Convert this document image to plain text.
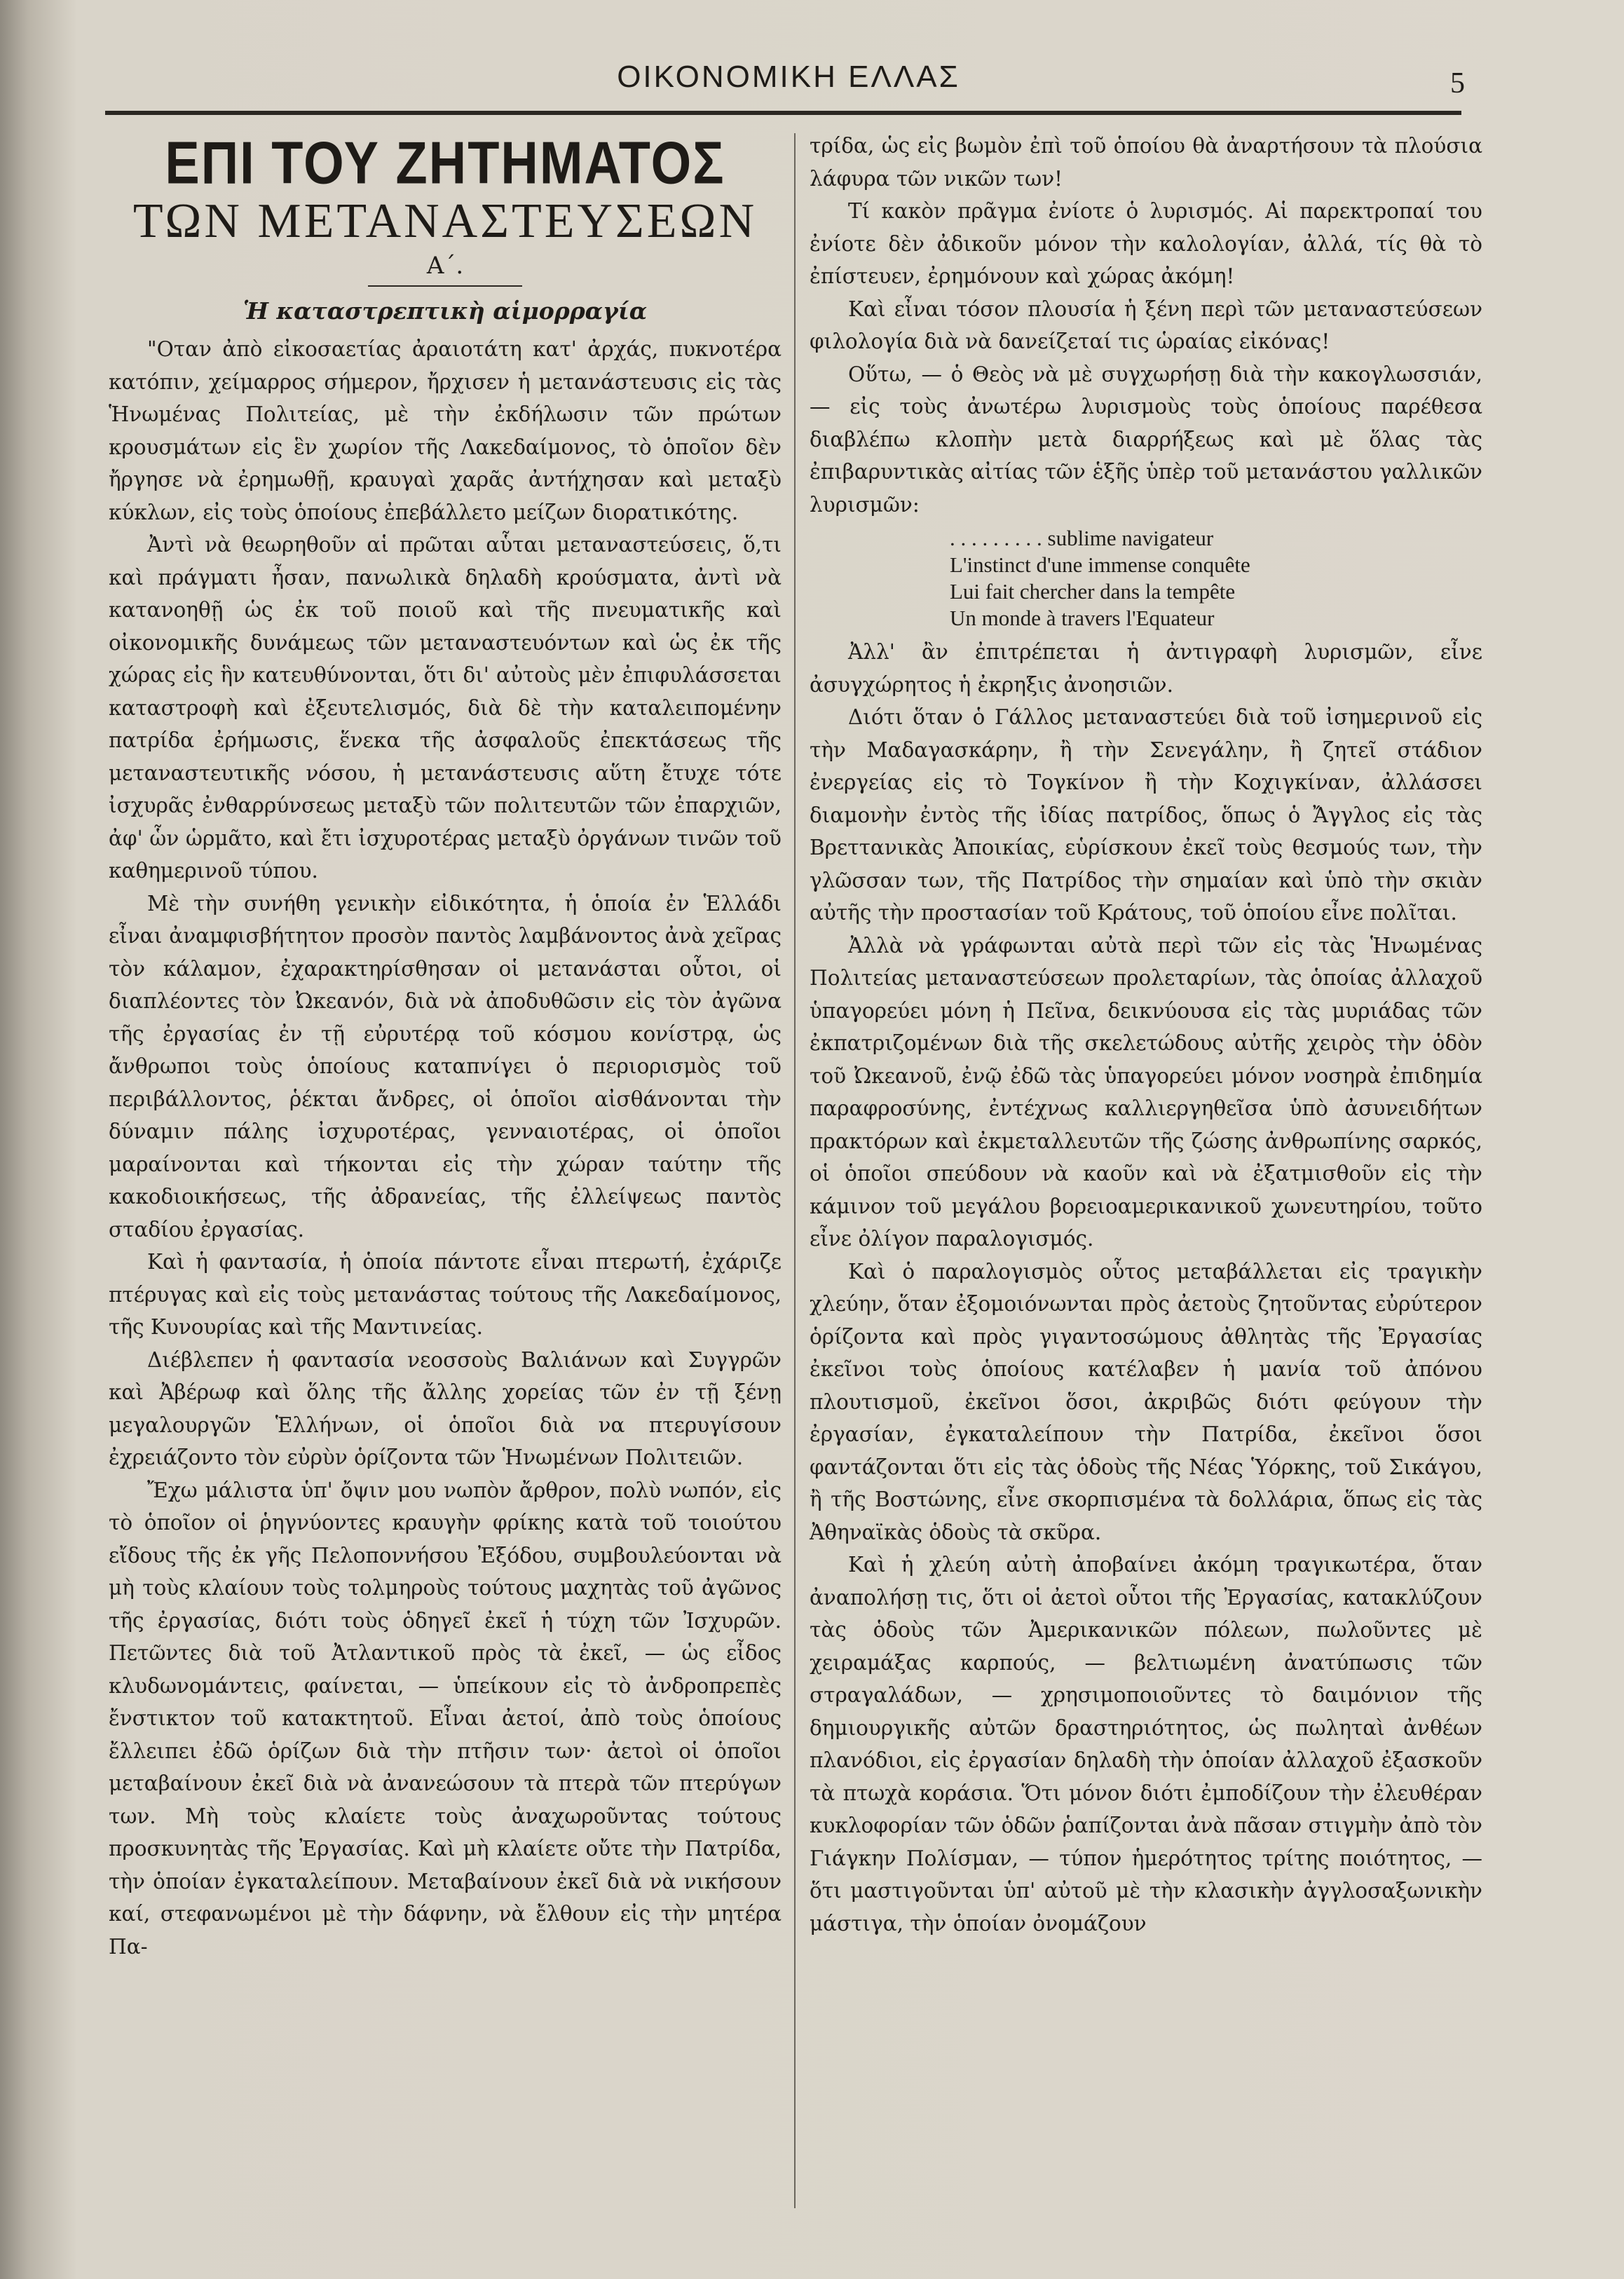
ΟΙΚΟΝΟΜΙΚΗ ΕΛΛΑΣ	5
ΕΠΙ ΤΟΥ ΖΗΤΗΜΑΤΟΣ
ΤΩΝ ΜΕΤΑΝΑΣΤΕΥΣΕΩΝ
Α΄.
Ἡ καταστρεπτικὴ αἱμορραγία

"Οταν ἀπὸ εἰκοσαετίας ἀραιοτάτη κατ' ἀρχάς, πυκνοτέρα κατόπιν, χείμαρρος σήμερον, ἤρχισεν ἡ μετανάστευσις εἰς τὰς Ἡνωμένας Πολιτείας, μὲ τὴν ἐκδήλωσιν τῶν πρώτων κρουσμάτων εἰς ἓν χωρίον τῆς Λακεδαίμονος, τὸ ὁποῖον δὲν ἤργησε νὰ ἐρημωθῇ, κραυγαὶ χαρᾶς ἀντήχησαν καὶ μεταξὺ κύκλων, εἰς τοὺς ὁποίους ἐπεβάλλετο μείζων διορατικότης.

Ἀντὶ νὰ θεωρηθοῦν αἱ πρῶται αὗται μεταναστεύσεις, ὅ,τι καὶ πράγματι ἦσαν, πανωλικὰ δηλαδὴ κρούσματα, ἀντὶ νὰ κατανοηθῇ ὡς ἐκ τοῦ ποιοῦ καὶ τῆς πνευματικῆς καὶ οἰκονομικῆς δυνάμεως τῶν μεταναστευόντων καὶ ὡς ἐκ τῆς χώρας εἰς ἣν κατευθύνονται, ὅτι δι' αὐτοὺς μὲν ἐπιφυλάσσεται καταστροφὴ καὶ ἐξευτελισμός, διὰ δὲ τὴν καταλειπομένην πατρίδα ἐρήμωσις, ἕνεκα τῆς ἀσφαλοῦς ἐπεκτάσεως τῆς μεταναστευτικῆς νόσου, ἡ μετανάστευσις αὕτη ἔτυχε τότε ἰσχυρᾶς ἐνθαρρύνσεως μεταξὺ τῶν πολιτευτῶν τῶν ἐπαρχιῶν, ἀφ' ὧν ὡρμᾶτο, καὶ ἔτι ἰσχυροτέρας μεταξὺ ὀργάνων τινῶν τοῦ καθημερινοῦ τύπου.

Μὲ τὴν συνήθη γενικὴν εἰδικότητα, ἡ ὁποία ἐν Ἑλλάδι εἶναι ἀναμφισβήτητον προσὸν παντὸς λαμβάνοντος ἀνὰ χεῖρας τὸν κάλαμον, ἐχαρακτηρίσθησαν οἱ μετανάσται οὗτοι, οἱ διαπλέοντες τὸν Ὠκεανόν, διὰ νὰ ἀποδυθῶσιν εἰς τὸν ἀγῶνα τῆς ἐργασίας ἐν τῇ εὐρυτέρᾳ τοῦ κόσμου κονίστρᾳ, ὡς ἄνθρωποι τοὺς ὁποίους καταπνίγει ὁ περιορισμὸς τοῦ περιβάλλοντος, ῥέκται ἄνδρες, οἱ ὁποῖοι αἰσθάνονται τὴν δύναμιν πάλης ἰσχυροτέρας, γενναιοτέρας, οἱ ὁποῖοι μαραίνονται καὶ τήκονται εἰς τὴν χώραν ταύτην τῆς κακοδιοικήσεως, τῆς ἀδρανείας, τῆς ἐλλείψεως παντὸς σταδίου ἐργασίας.

Καὶ ἡ φαντασία, ἡ ὁποία πάντοτε εἶναι πτερωτή, ἐχάριζε πτέρυγας καὶ εἰς τοὺς μετανάστας τούτους τῆς Λακεδαίμονος, τῆς Κυνουρίας καὶ τῆς Μαντινείας.

Διέβλεπεν ἡ φαντασία νεοσσοὺς Βαλιάνων καὶ Συγγρῶν καὶ Ἀβέρωφ καὶ ὅλης τῆς ἄλλης χορείας τῶν ἐν τῇ ξένῃ μεγαλουργῶν Ἑλλήνων, οἱ ὁποῖοι διὰ να πτερυγίσουν ἐχρειάζοντο τὸν εὐρὺν ὁρίζοντα τῶν Ἡνωμένων Πολιτειῶν.

Ἔχω μάλιστα ὑπ' ὄψιν μου νωπὸν ἄρθρον, πολὺ νωπόν, εἰς τὸ ὁποῖον οἱ ῥηγνύοντες κραυγὴν φρίκης κατὰ τοῦ τοιούτου εἴδους τῆς ἐκ γῆς Πελοποννήσου Ἐξόδου, συμβουλεύονται νὰ μὴ τοὺς κλαίουν τοὺς τολμηροὺς τούτους μαχητὰς τοῦ ἀγῶνος τῆς ἐργασίας, διότι τοὺς ὁδηγεῖ ἐκεῖ ἡ τύχη τῶν Ἰσχυρῶν. Πετῶντες διὰ τοῦ Ἀτλαντικοῦ πρὸς τὰ ἐκεῖ, — ὡς εἶδος κλυδωνομάντεις, φαίνεται, — ὑπείκουν εἰς τὸ ἀνδροπρεπὲς ἔνστικτον τοῦ κατακτητοῦ. Εἶναι ἀετοί, ἀπὸ τοὺς ὁποίους ἔλλειπει ἐδῶ ὁρίζων διὰ τὴν πτῆσιν των· ἀετοὶ οἱ ὁποῖοι μεταβαίνουν ἐκεῖ διὰ νὰ ἀνανεώσουν τὰ πτερὰ τῶν πτερύγων των. Μὴ τοὺς κλαίετε τοὺς ἀναχωροῦντας τούτους προσκυνητὰς τῆς Ἐργασίας. Καὶ μὴ κλαίετε οὔτε τὴν Πατρίδα, τὴν ὁποίαν ἐγκαταλείπουν. Μεταβαίνουν ἐκεῖ διὰ νὰ νικήσουν καί, στεφανωμένοι μὲ τὴν δάφνην, νὰ ἔλθουν εἰς τὴν μητέρα Πα-

τρίδα, ὡς εἰς βωμὸν ἐπὶ τοῦ ὁποίου θὰ ἀναρτήσουν τὰ πλούσια λάφυρα τῶν νικῶν των!

Τί κακὸν πρᾶγμα ἐνίοτε ὁ λυρισμός. Αἱ παρεκτροπαί του ἐνίοτε δὲν ἀδικοῦν μόνον τὴν καλολογίαν, ἀλλά, τίς θὰ τὸ ἐπίστευεν, ἐρημόνουν καὶ χώρας ἀκόμη!

Καὶ εἶναι τόσον πλουσία ἡ ξένη περὶ τῶν μεταναστεύσεων φιλολογία διὰ νὰ δανείζεταί τις ὡραίας εἰκόνας!

Οὕτω, — ὁ Θεὸς νὰ μὲ συγχωρήσῃ διὰ τὴν κακογλωσσιάν, — εἰς τοὺς ἀνωτέρω λυρισμοὺς τοὺς ὁποίους παρέθεσα διαβλέπω κλοπὴν μετὰ διαρρήξεως καὶ μὲ ὅλας τὰς ἐπιβαρυντικὰς αἰτίας τῶν ἑξῆς ὑπὲρ τοῦ μετανάστου γαλλικῶν λυρισμῶν:

. . . . . . . . . sublime navigateur
L'instinct d'une immense conquête
Lui fait chercher dans la tempête
Un monde à travers l'Equateur

Ἀλλ' ἂν ἐπιτρέπεται ἡ ἀντιγραφὴ λυρισμῶν, εἶνε ἀσυγχώρητος ἡ ἐκρηξις ἀνοησιῶν.

Διότι ὅταν ὁ Γάλλος μεταναστεύει διὰ τοῦ ἰσημερινοῦ εἰς τὴν Μαδαγασκάρην, ἢ τὴν Σενεγάλην, ἢ ζητεῖ στάδιον ἐνεργείας εἰς τὸ Τογκίνον ἢ τὴν Κοχιγκίναν, ἀλλάσσει διαμονὴν ἐντὸς τῆς ἰδίας πατρίδος, ὅπως ὁ Ἄγγλος εἰς τὰς Βρεττανικὰς Ἀποικίας, εὑρίσκουν ἐκεῖ τοὺς θεσμούς των, τὴν γλῶσσαν των, τῆς Πατρίδος τὴν σημαίαν καὶ ὑπὸ τὴν σκιὰν αὐτῆς τὴν προστασίαν τοῦ Κράτους, τοῦ ὁποίου εἶνε πολῖται.

Ἀλλὰ νὰ γράφωνται αὐτὰ περὶ τῶν εἰς τὰς Ἡνωμένας Πολιτείας μεταναστεύσεων προλεταρίων, τὰς ὁποίας ἀλλαχοῦ ὑπαγορεύει μόνη ἡ Πεῖνα, δεικνύουσα εἰς τὰς μυριάδας τῶν ἐκπατριζομένων διὰ τῆς σκελετώδους αὐτῆς χειρὸς τὴν ὁδὸν τοῦ Ὠκεανοῦ, ἐνῷ ἐδῶ τὰς ὑπαγορεύει μόνον νοσηρὰ ἐπιδημία παραφροσύνης, ἐντέχνως καλλιεργηθεῖσα ὑπὸ ἀσυνειδήτων πρακτόρων καὶ ἐκμεταλλευτῶν τῆς ζώσης ἀνθρωπίνης σαρκός, οἱ ὁποῖοι σπεύδουν νὰ καοῦν καὶ νὰ ἐξατμισθοῦν εἰς τὴν κάμινον τοῦ μεγάλου βορειοαμερικανικοῦ χωνευτηρίου, τοῦτο εἶνε ὀλίγον παραλογισμός.

Καὶ ὁ παραλογισμὸς οὗτος μεταβάλλεται εἰς τραγικὴν χλεύην, ὅταν ἐξομοιόνωνται πρὸς ἀετοὺς ζητοῦντας εὐρύτερον ὁρίζοντα καὶ πρὸς γιγαντοσώμους ἀθλητὰς τῆς Ἐργασίας ἐκεῖνοι τοὺς ὁποίους κατέλαβεν ἡ μανία τοῦ ἀπόνου πλουτισμοῦ, ἐκεῖνοι ὅσοι, ἀκριβῶς διότι φεύγουν τὴν ἐργασίαν, ἐγκαταλείπουν τὴν Πατρίδα, ἐκεῖνοι ὅσοι φαντάζονται ὅτι εἰς τὰς ὁδοὺς τῆς Νέας Ὑόρκης, τοῦ Σικάγου, ἢ τῆς Βοστώνης, εἶνε σκορπισμένα τὰ δολλάρια, ὅπως εἰς τὰς Ἀθηναϊκὰς ὁδοὺς τὰ σκῦρα.

Καὶ ἡ χλεύη αὐτὴ ἀποβαίνει ἀκόμη τραγικωτέρα, ὅταν ἀναπολήσῃ τις, ὅτι οἱ ἀετοὶ οὗτοι τῆς Ἐργασίας, κατακλύζουν τὰς ὁδοὺς τῶν Ἀμερικανικῶν πόλεων, πωλοῦντες μὲ χειραμάξας καρπούς, — βελτιωμένη ἀνατύπωσις τῶν στραγαλάδων, — χρησιμοποιοῦντες τὸ δαιμόνιον τῆς δημιουργικῆς αὐτῶν δραστηριότητος, ὡς πωληταὶ ἀνθέων πλανόδιοι, εἰς ἐργασίαν δηλαδὴ τὴν ὁποίαν ἀλλαχοῦ ἐξασκοῦν τὰ πτωχὰ κοράσια. Ὅτι μόνον διότι ἐμποδίζουν τὴν ἐλευθέραν κυκλοφορίαν τῶν ὁδῶν ῥαπίζονται ἀνὰ πᾶσαν στιγμὴν ἀπὸ τὸν Γιάγκην Πολίσμαν, — τύπον ἡμερότητος τρίτης ποιότητος, — ὅτι μαστιγοῦνται ὑπ' αὐτοῦ μὲ τὴν κλασικὴν ἀγγλοσαξωνικὴν μάστιγα, τὴν ὁποίαν ὀνομάζουν
